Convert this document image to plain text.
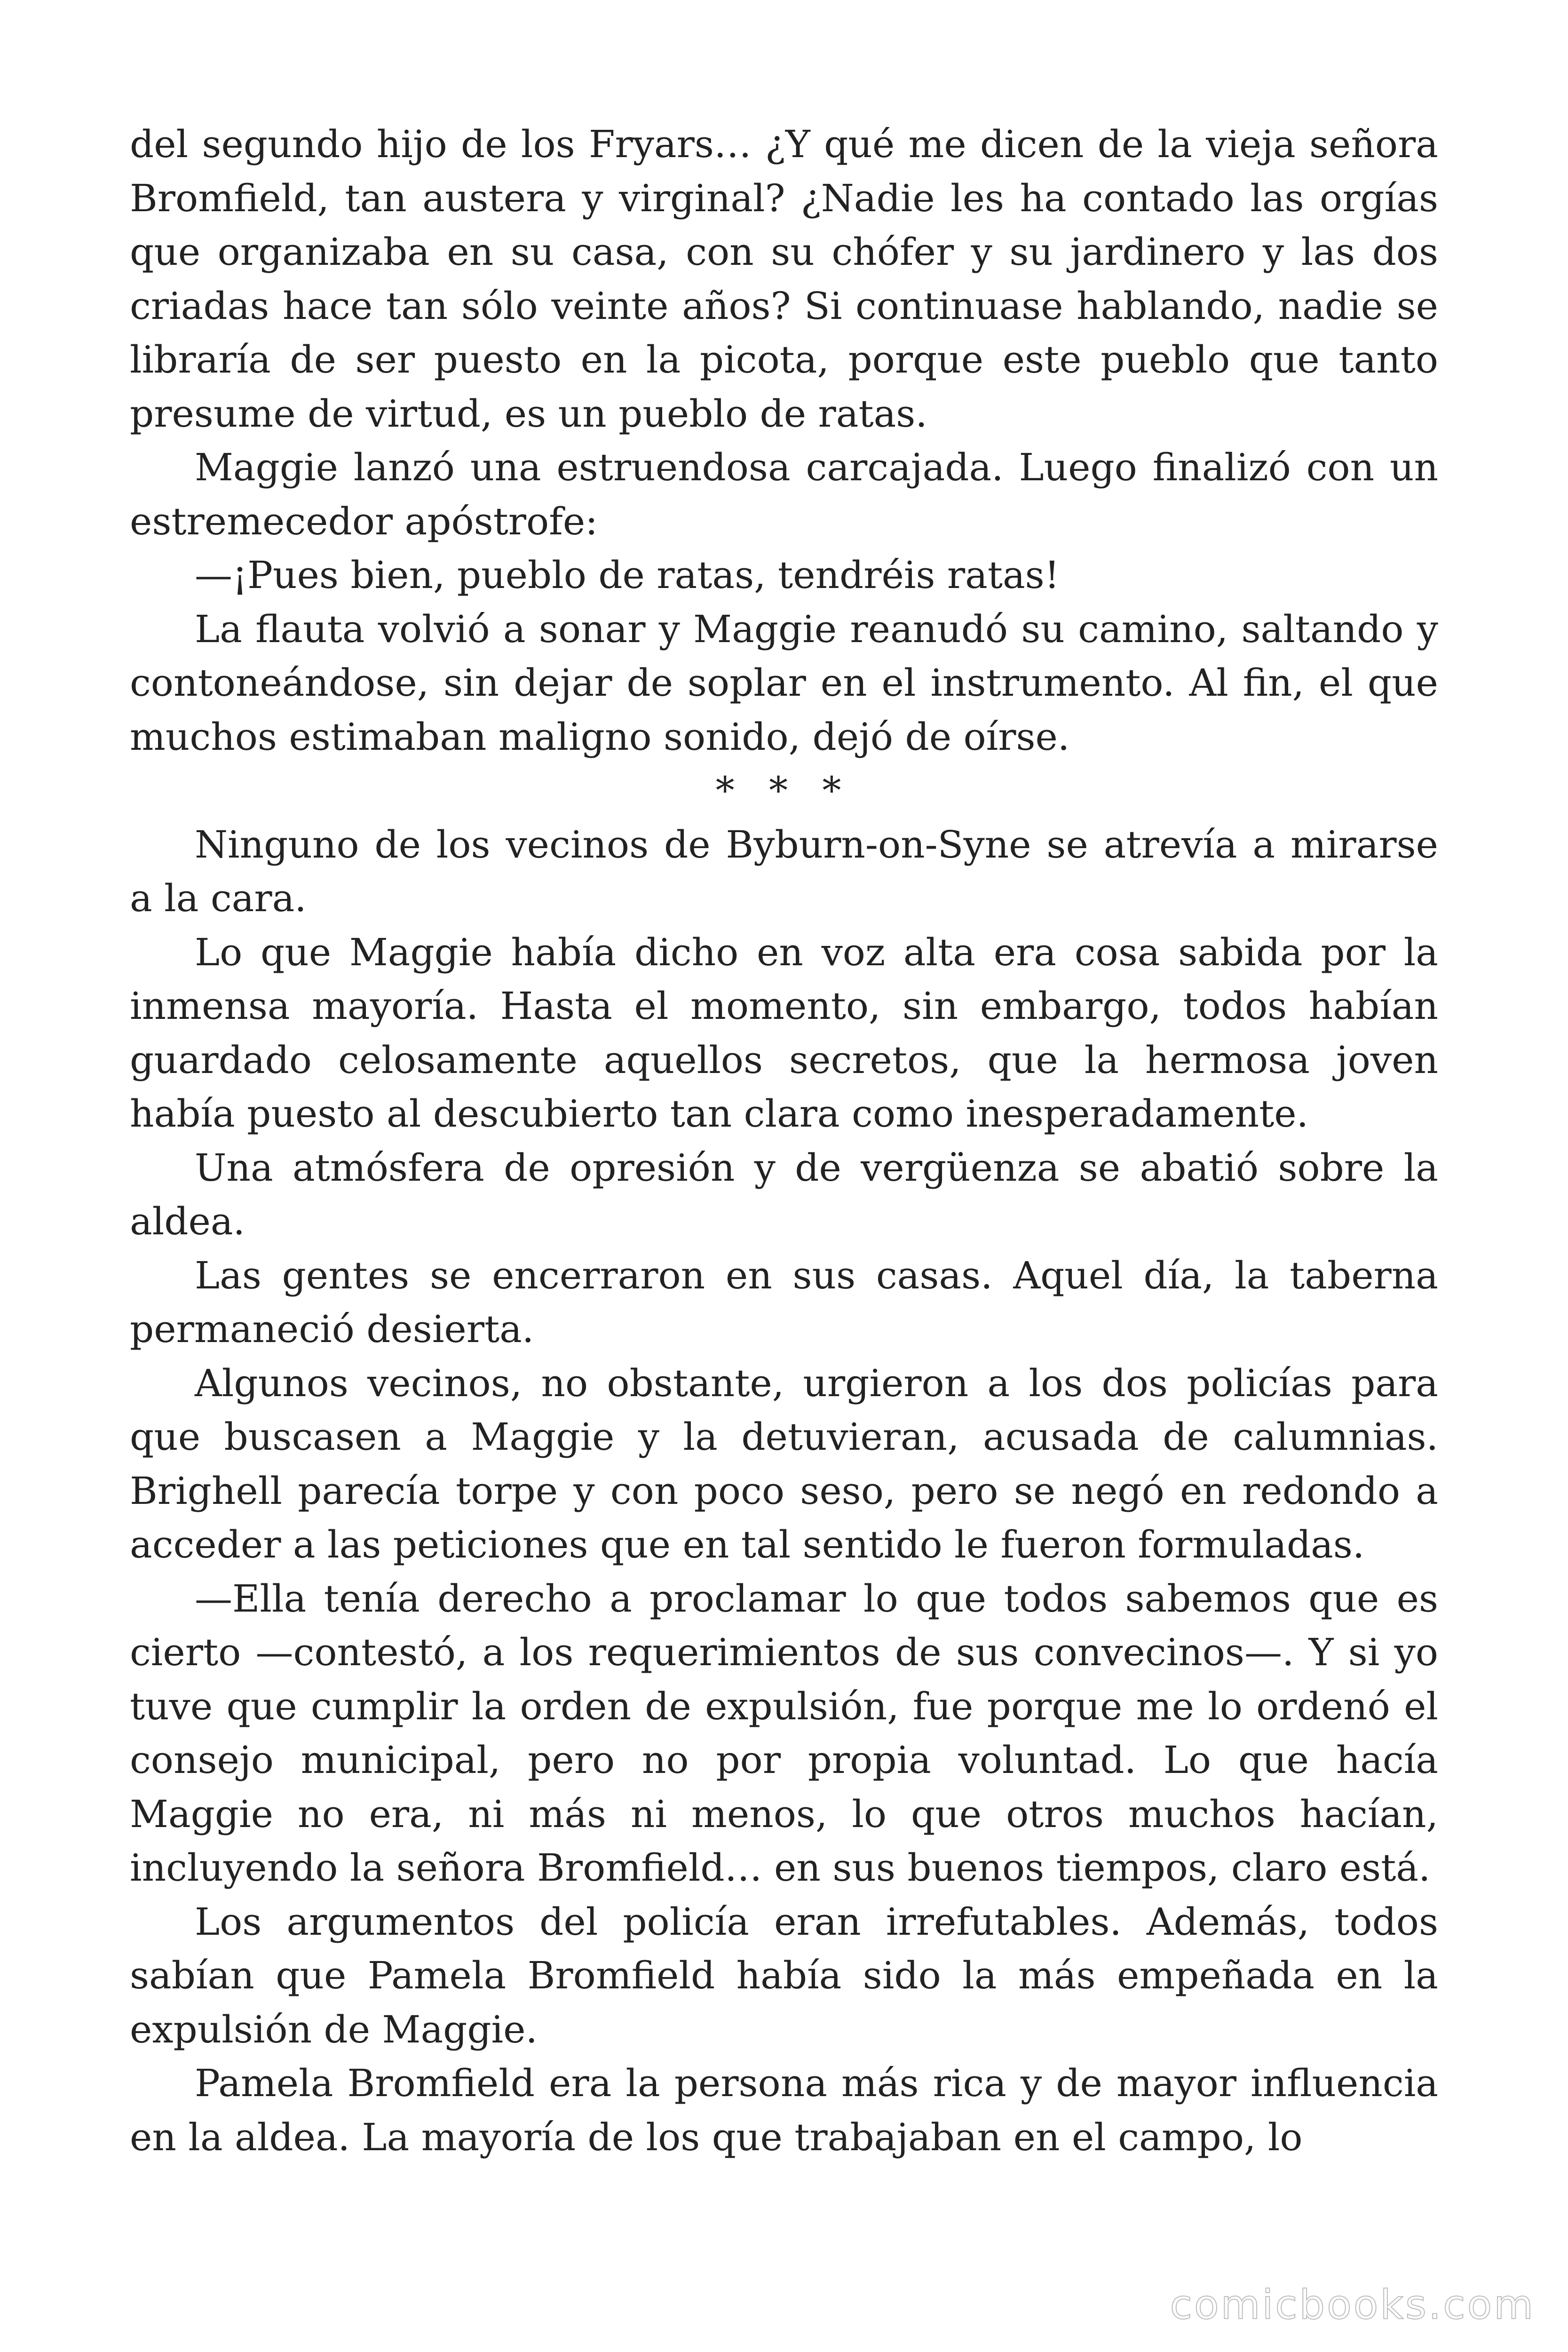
del segundo hijo de los Fryars… ¿Y qué me dicen de la vieja señora Bromfield, tan austera y virginal? ¿Nadie les ha contado las orgías que organizaba en su casa, con su chófer y su jardinero y las dos criadas hace tan sólo veinte años? Si continuase hablando, nadie se libraría de ser puesto en la picota, porque este pueblo que tanto presume de virtud, es un pueblo de ratas.

Maggie lanzó una estruendosa carcajada. Luego finalizó con un estremecedor apóstrofe:

—¡Pues bien, pueblo de ratas, tendréis ratas!

La flauta volvió a sonar y Maggie reanudó su camino, saltando y contoneándose, sin dejar de soplar en el instrumento. Al fin, el que muchos estimaban maligno sonido, dejó de oírse.

* * *

Ninguno de los vecinos de Byburn-on-Syne se atrevía a mirarse a la cara.

Lo que Maggie había dicho en voz alta era cosa sabida por la inmensa mayoría. Hasta el momento, sin embargo, todos habían guardado celosamente aquellos secretos, que la hermosa joven había puesto al descubierto tan clara como inesperadamente.

Una atmósfera de opresión y de vergüenza se abatió sobre la aldea.

Las gentes se encerraron en sus casas. Aquel día, la taberna permaneció desierta.

Algunos vecinos, no obstante, urgieron a los dos policías para que buscasen a Maggie y la detuvieran, acusada de calumnias. Brighell parecía torpe y con poco seso, pero se negó en redondo a acceder a las peticiones que en tal sentido le fueron formuladas.

—Ella tenía derecho a proclamar lo que todos sabemos que es cierto —contestó, a los requerimientos de sus convecinos—. Y si yo tuve que cumplir la orden de expulsión, fue porque me lo ordenó el consejo municipal, pero no por propia voluntad. Lo que hacía Maggie no era, ni más ni menos, lo que otros muchos hacían, incluyendo la señora Bromfield… en sus buenos tiempos, claro está.

Los argumentos del policía eran irrefutables. Además, todos sabían que Pamela Bromfield había sido la más empeñada en la expulsión de Maggie.

Pamela Bromfield era la persona más rica y de mayor influencia en la aldea. La mayoría de los que trabajaban en el campo, lo

comicbooks.com
